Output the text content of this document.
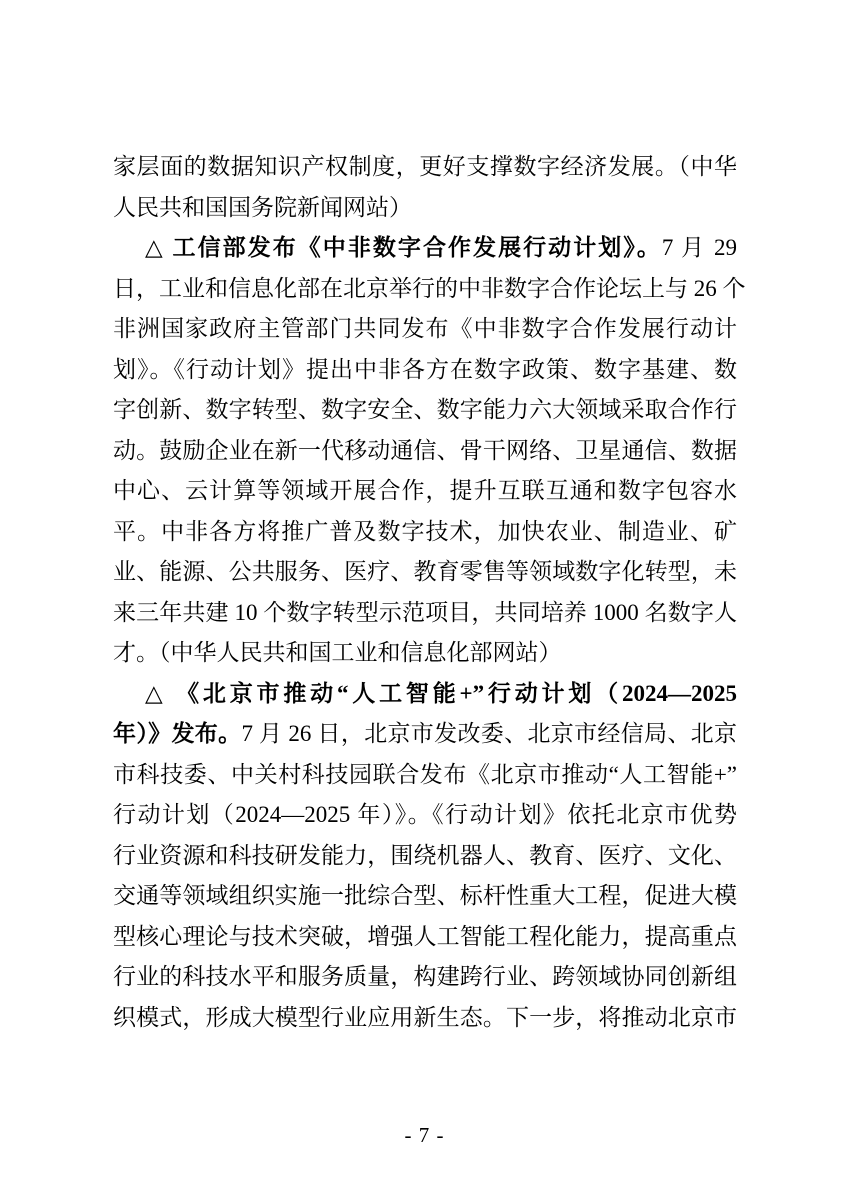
家层面的数据知识产权制度，更好支撑数字经济发展。（中华
人民共和国国务院新闻网站）
△ 工信部发布《中非数字合作发展行动计划》。7 月 29
日，工业和信息化部在北京举行的中非数字合作论坛上与 26 个
非洲国家政府主管部门共同发布《中非数字合作发展行动计
划》。《行动计划》提出中非各方在数字政策、数字基建、数
字创新、数字转型、数字安全、数字能力六大领域采取合作行
动。鼓励企业在新一代移动通信、骨干网络、卫星通信、数据
中心、云计算等领域开展合作，提升互联互通和数字包容水
平。中非各方将推广普及数字技术，加快农业、制造业、矿
业、能源、公共服务、医疗、教育零售等领域数字化转型，未
来三年共建 10 个数字转型示范项目，共同培养 1000 名数字人
才。（中华人民共和国工业和信息化部网站）
△ 《北京市推动“人工智能+”行动计划（2024—2025
年）》发布。7 月 26 日，北京市发改委、北京市经信局、北京
市科技委、中关村科技园联合发布《北京市推动“人工智能+”
行动计划（2024—2025 年）》。《行动计划》依托北京市优势
行业资源和科技研发能力，围绕机器人、教育、医疗、文化、
交通等领域组织实施一批综合型、标杆性重大工程，促进大模
型核心理论与技术突破，增强人工智能工程化能力，提高重点
行业的科技水平和服务质量，构建跨行业、跨领域协同创新组
织模式，形成大模型行业应用新生态。下一步，将推动北京市
- 7 -
